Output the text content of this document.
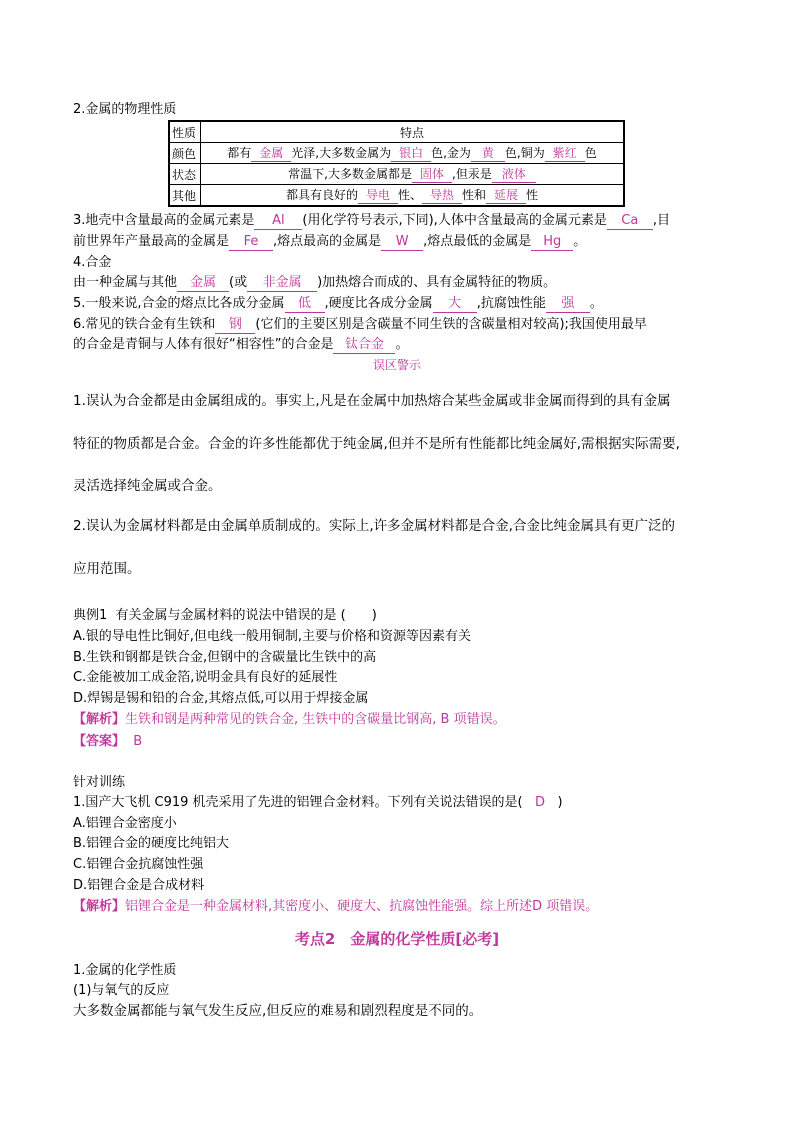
2.金属的物理性质
性质	特点
颜色	都有 金属 光泽,大多数金属为 银白 色,金为 黄 色,铜为 紫红 色
状态	常温下,大多数金属都是 固体 ,但汞是 液体
其他	都具有良好的 导电 性、 导热 性和 延展 性
3.地壳中含量最高的金属元素是 Al (用化学符号表示,下同),人体中含量最高的金属元素是 Ca ,目
前世界年产量最高的金属是 Fe ,熔点最高的金属是 W ,熔点最低的金属是 Hg 。
4.合金
由一种金属与其他 金属 (或 非金属 )加热熔合而成的、具有金属特征的物质。
5.一般来说,合金的熔点比各成分金属 低 ,硬度比各成分金属 大 ,抗腐蚀性能 强 。
6.常见的铁合金有生铁和 钢 (它们的主要区别是含碳量不同生铁的含碳量相对较高);我国使用最早
的合金是青铜与人体有很好“相容性”的合金是 钛合金 。
误区警示
1.误认为合金都是由金属组成的。事实上,凡是在金属中加热熔合某些金属或非金属而得到的具有金属
特征的物质都是合金。合金的许多性能都优于纯金属,但并不是所有性能都比纯金属好,需根据实际需要,
灵活选择纯金属或合金。
2.误认为金属材料都是由金属单质制成的。实际上,许多金属材料都是合金,合金比纯金属具有更广泛的
应用范围。
典例1 有关金属与金属材料的说法中错误的是 (　　)
A.银的导电性比铜好,但电线一般用铜制,主要与价格和资源等因素有关
B.生铁和钢都是铁合金,但钢中的含碳量比生铁中的高
C.金能被加工成金箔,说明金具有良好的延展性
D.焊锡是锡和铅的合金,其熔点低,可以用于焊接金属
【解析】生铁和钢是两种常见的铁合金, 生铁中的含碳量比钢高, B 项错误。
【答案】 B
针对训练
1.国产大飞机 C919 机壳采用了先进的铝锂合金材料。下列有关说法错误的是( D )
A.铝锂合金密度小
B.铝锂合金的硬度比纯铝大
C.铝锂合金抗腐蚀性强
D.铝锂合金是合成材料
【解析】铝锂合金是一种金属材料,其密度小、硬度大、抗腐蚀性能强。综上所述D 项错误。
考点2　金属的化学性质[必考]
1.金属的化学性质
(1)与氧气的反应
大多数金属都能与氧气发生反应,但反应的难易和剧烈程度是不同的。
